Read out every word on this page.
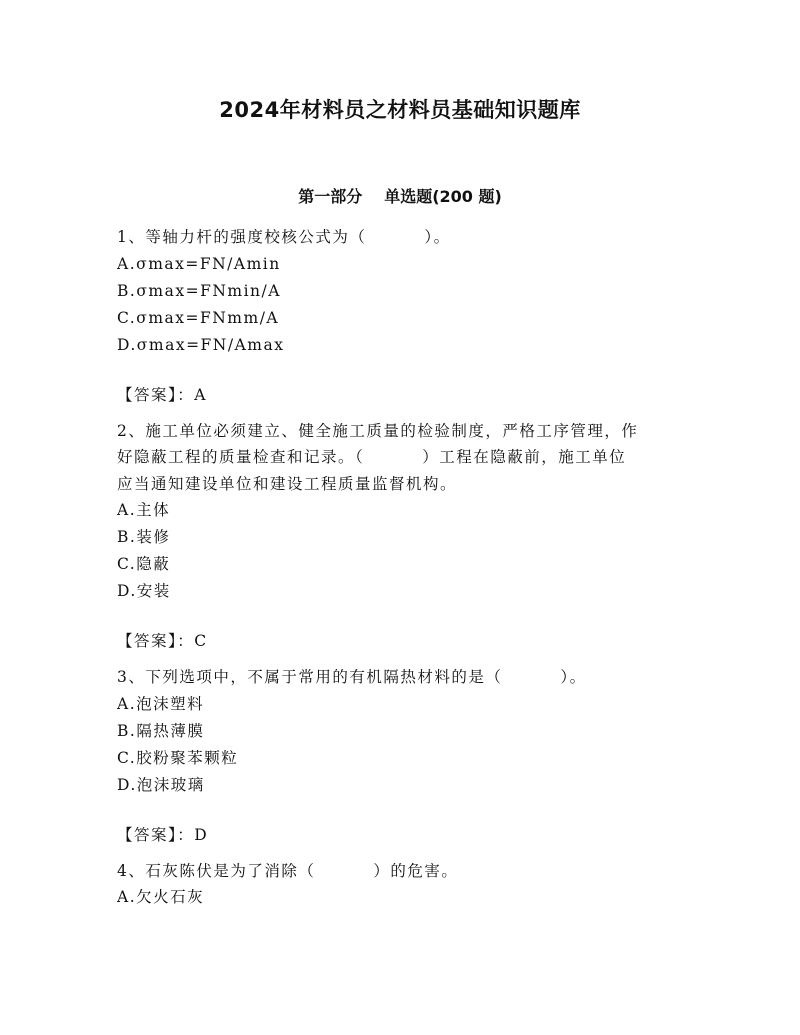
2024年材料员之材料员基础知识题库
第一部分 单选题(200 题)

1、等轴力杆的强度校核公式为（	）。

A.σmax=FN/Amin

B.σmax=FNmin/A

C.σmax=FNmm/A

D.σmax=FN/Amax

【答案】：A

2、施工单位必须建立、健全施工质量的检验制度，严格工序管理，作

好隐蔽工程的质量检查和记录。（	）工程在隐蔽前，施工单位

应当通知建设单位和建设工程质量监督机构。

A.主体

B.装修

C.隐蔽

D.安装

【答案】：C

3、下列选项中，不属于常用的有机隔热材料的是（	）。

A.泡沫塑料

B.隔热薄膜

C.胶粉聚苯颗粒

D.泡沫玻璃

【答案】：D

4、石灰陈伏是为了消除（	）的危害。

A.欠火石灰
